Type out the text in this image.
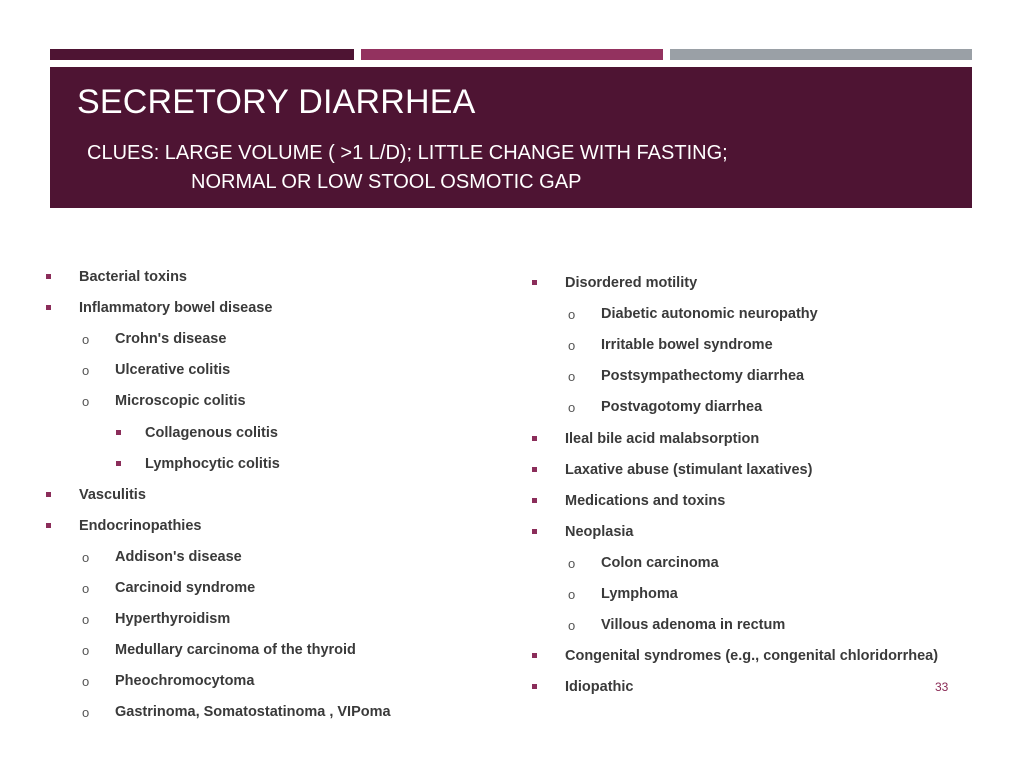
SECRETORY DIARRHEA

CLUES: LARGE VOLUME ( >1 L/D); LITTLE CHANGE WITH FASTING;
NORMAL OR LOW STOOL OSMOTIC GAP

Bacterial toxins
Inflammatory bowel disease
o Crohn's disease
o Ulcerative colitis
o Microscopic colitis
Collagenous colitis
Lymphocytic colitis
Vasculitis
Endocrinopathies
o Addison's disease
o Carcinoid syndrome
o Hyperthyroidism
o Medullary carcinoma of the thyroid
o Pheochromocytoma
o Gastrinoma, Somatostatinoma , VIPoma
Disordered motility
o Diabetic autonomic neuropathy
o Irritable bowel syndrome
o Postsympathectomy diarrhea
o Postvagotomy diarrhea
Ileal bile acid malabsorption
Laxative abuse (stimulant laxatives)
Medications and toxins
Neoplasia
o Colon carcinoma
o Lymphoma
o Villous adenoma in rectum
Congenital syndromes (e.g., congenital chloridorrhea)
Idiopathic	33
